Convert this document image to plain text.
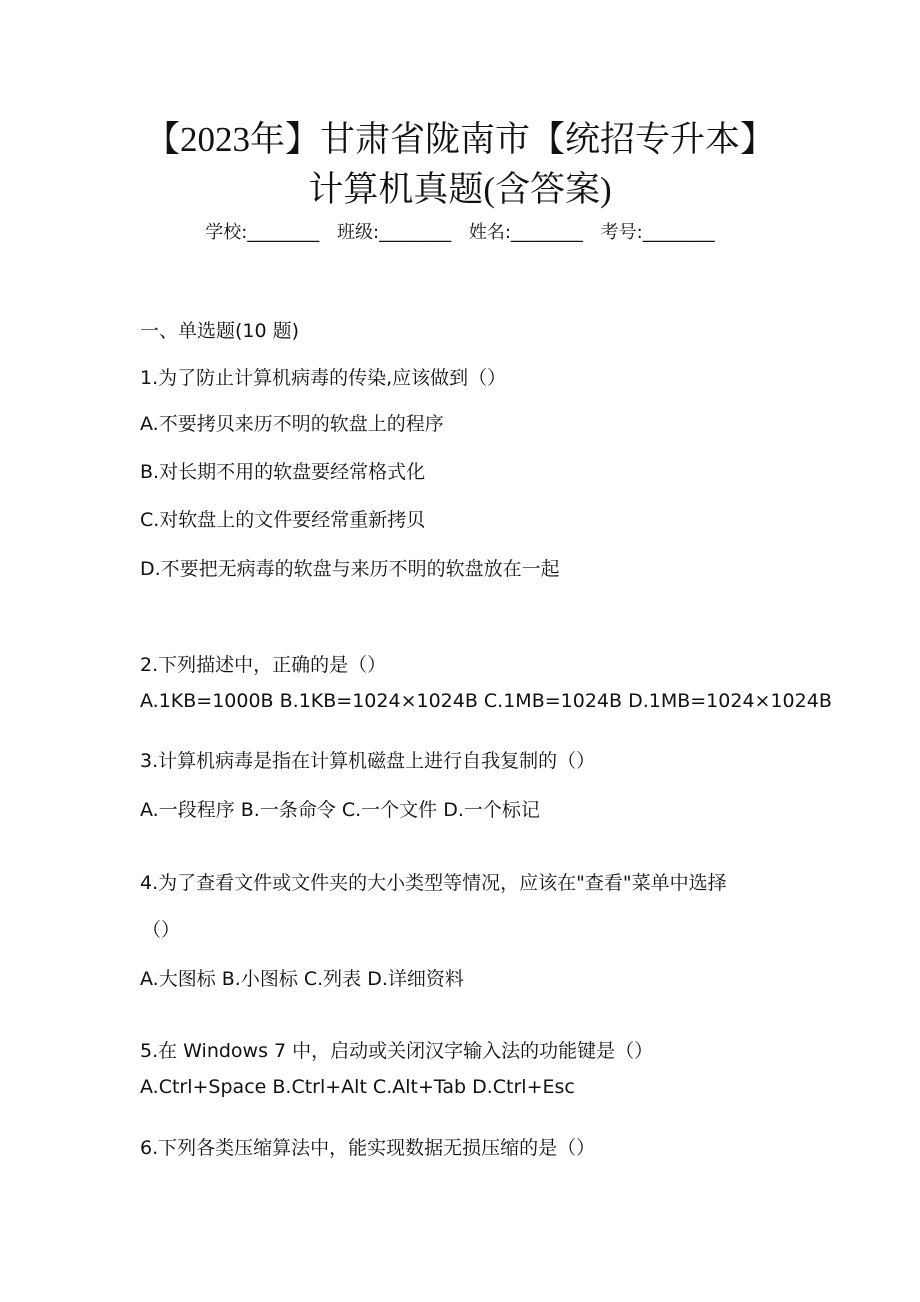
【2023年】甘肃省陇南市【统招专升本】
计算机真题(含答案)
学校:________ 班级:________ 姓名:________ 考号:________
一、单选题(10 题)
1.为了防止计算机病毒的传染,应该做到（）
A.不要拷贝来历不明的软盘上的程序
B.对长期不用的软盘要经常格式化
C.对软盘上的文件要经常重新拷贝
D.不要把无病毒的软盘与来历不明的软盘放在一起
2.下列描述中，正确的是（）
A.1KB=1000B B.1KB=1024×1024B C.1MB=1024B D.1MB=1024×1024B
3.计算机病毒是指在计算机磁盘上进行自我复制的（）
A.一段程序 B.一条命令 C.一个文件 D.一个标记
4.为了查看文件或文件夹的大小类型等情况，应该在"查看"菜单中选择
（）
A.大图标 B.小图标 C.列表 D.详细资料
5.在 Windows 7 中，启动或关闭汉字输入法的功能键是（）
A.Ctrl+Space B.Ctrl+Alt C.Alt+Tab D.Ctrl+Esc
6.下列各类压缩算法中，能实现数据无损压缩的是（）
